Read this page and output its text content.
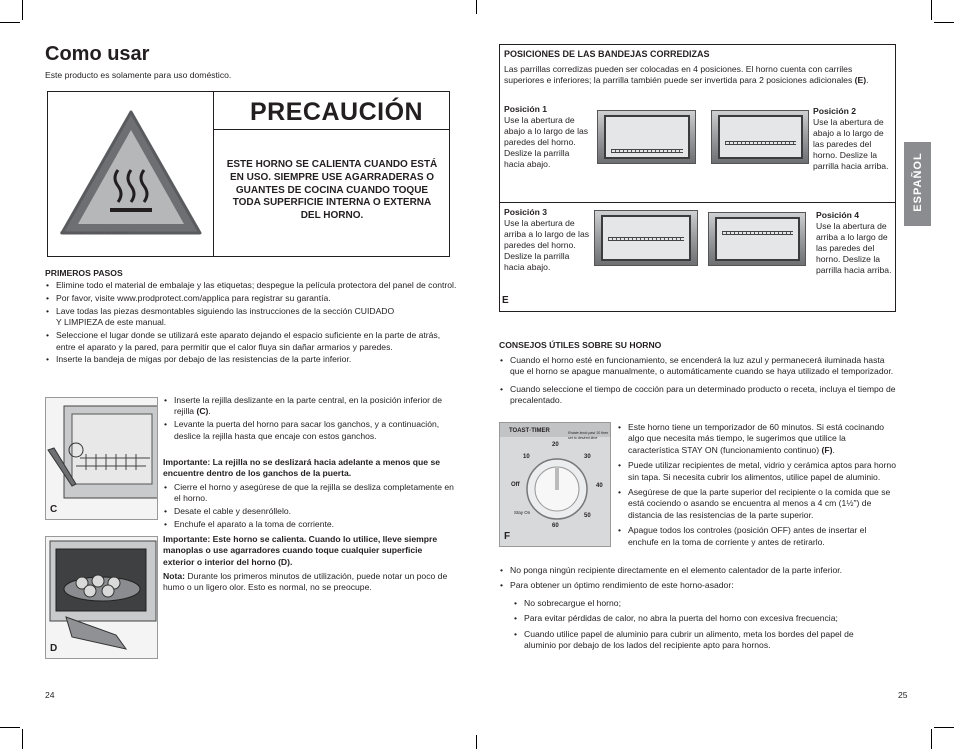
Como usar
Este producto es solamente para uso doméstico.
FCS. LLC 800-720-0291 No. 00448-SC
PRECAUCIÓN
ESTE HORNO SE CALIENTA CUANDO ESTÁ EN USO. SIEMPRE USE AGARRADERAS O GUANTES DE COCINA CUANDO TOQUE TODA SUPERFICIE INTERNA O EXTERNA DEL HORNO.
PRIMEROS PASOS
• Elimine todo el material de embalaje y las etiquetas; despegue la película protectora del panel de control.
• Por favor, visite www.prodprotect.com/applica para registrar su garantía.
• Lave todas las piezas desmontables siguiendo las instrucciones de la sección CUIDADO Y LIMPIEZA de este manual.
• Seleccione el lugar donde se utilizará este aparato dejando el espacio suficiente en la parte de atrás, entre el aparato y la pared, para permitir que el calor fluya sin dañar armarios y paredes.
• Inserte la bandeja de migas por debajo de las resistencias de la parte inferior.
C
D
• Inserte la rejilla deslizante en la parte central, en la posición inferior de rejilla (C).
• Levante la puerta del horno para sacar los ganchos, y a continuación, deslice la rejilla hasta que encaje con estos ganchos.
Importante: La rejilla no se deslizará hacia adelante a menos que se encuentre dentro de los ganchos de la puerta.
• Cierre el horno y asegúrese de que la rejilla se desliza completamente en el horno.
• Desate el cable y desenróllelo.
• Enchufe el aparato a la toma de corriente.
Importante: Este horno se calienta. Cuando lo utilice, lleve siempre manoplas o use agarradores cuando toque cualquier superficie exterior o interior del horno (D).
Nota: Durante los primeros minutos de utilización, puede notar un poco de humo o un ligero olor. Esto es normal, no se preocupe.
24
ESPAÑOL
POSICIONES DE LAS BANDEJAS CORREDIZAS
Las parrillas corredizas pueden ser colocadas en 4 posiciones. El horno cuenta con carriles superiores e inferiores; la parrilla también puede ser invertida para 2 posiciones adicionales (E).
Posición 1
Use la abertura de abajo a lo largo de las paredes del horno. Deslize la parrilla hacia abajo.
Posición 2
Use la abertura de abajo a lo largo de las paredes del horno. Deslize la parrilla hacia arriba.
Posición 3
Use la abertura de arriba a lo largo de las paredes del horno. Deslize la parrilla hacia abajo.
Posición 4
Use la abertura de arriba a lo largo de las paredes del horno. Deslize la parrilla hacia arriba.
E
CONSEJOS ÚTILES SOBRE SU HORNO
• Cuando el horno esté en funcionamiento, se encenderá la luz azul y permanecerá iluminada hasta que el horno se apague manualmente, o automáticamente cuando se haya utilizado el temporizador.
• Cuando seleccione el tiempo de cocción para un determinado producto o receta, incluya el tiempo de precalentado.
TOAST·TIMER	Rotate knob past 10 then set to desired time
10
20
30
40
50
60
Off
Stay On
F
• Este horno tiene un temporizador de 60 minutos. Si está cocinando algo que necesita más tiempo, le sugerimos que utilice la característica STAY ON (funcionamiento continuo) (F).
• Puede utilizar recipientes de metal, vidrio y cerámica aptos para horno sin tapa. Si necesita cubrir los alimentos, utilice papel de aluminio.
• Asegúrese de que la parte superior del recipiente o la comida que se está cociendo o asando se encuentra al menos a 4 cm (1½") de distancia de las resistencias de la parte superior.
• Apague todos los controles (posición OFF) antes de insertar el enchufe en la toma de corriente y antes de retirarlo.
• No ponga ningún recipiente directamente en el elemento calentador de la parte inferior.
• Para obtener un óptimo rendimiento de este horno-asador:
• No sobrecargue el horno;
• Para evitar pérdidas de calor, no abra la puerta del horno con excesiva frecuencia;
• Cuando utilice papel de aluminio para cubrir un alimento, meta los bordes del papel de aluminio por debajo de los lados del recipiente apto para hornos.
25
